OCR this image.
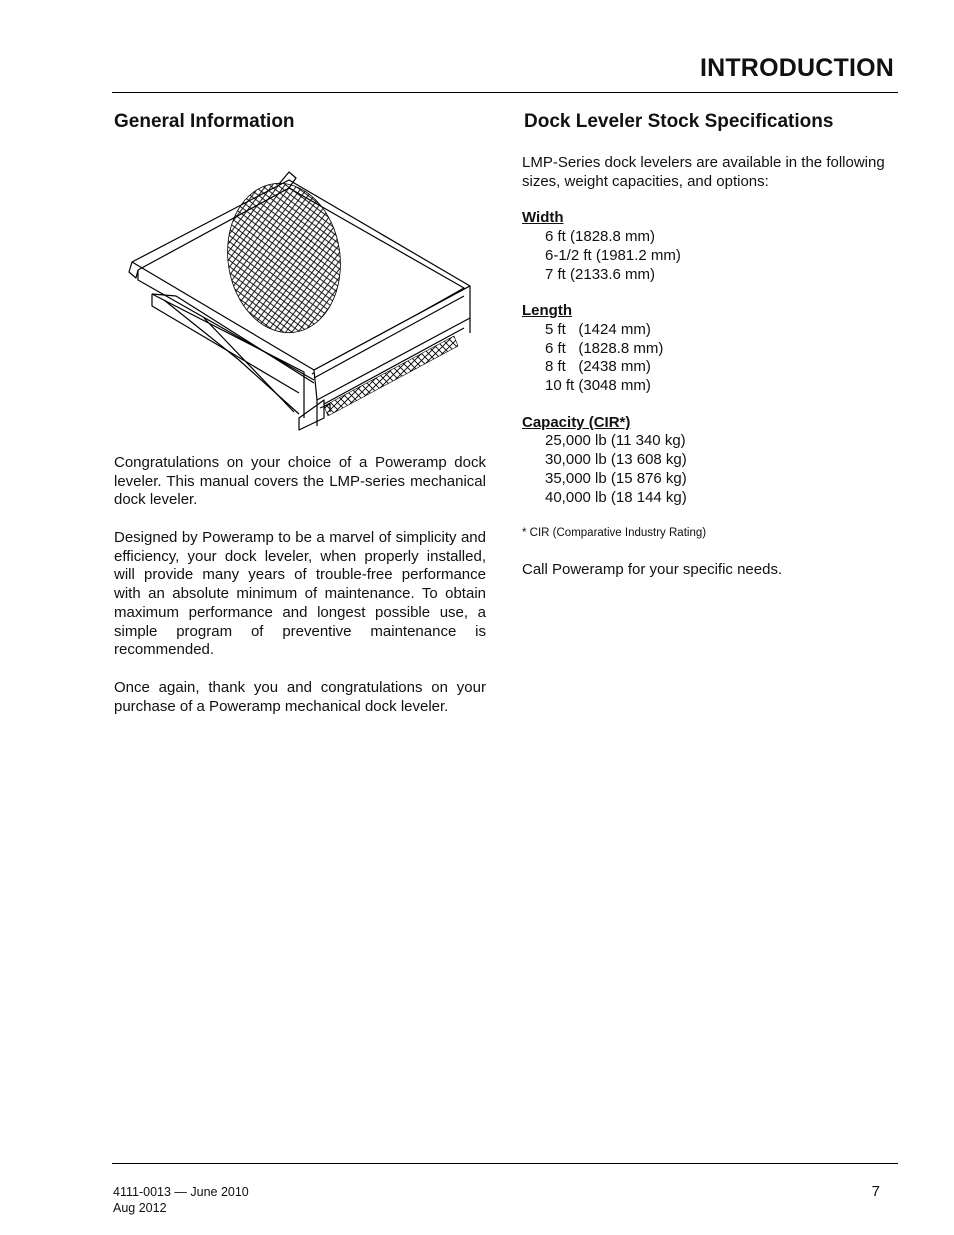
INTRODUCTION
General Information

Congratulations on your choice of a Poweramp dock leveler. This manual covers the LMP-series mechanical dock leveler.

Designed by Poweramp to be a marvel of simplicity and efficiency, your dock leveler, when properly installed, will provide many years of trouble-free performance with an absolute minimum of maintenance. To obtain maximum performance and longest possible use, a simple program of preventive maintenance is recommended.

Once again, thank you and congratulations on your purchase of a Poweramp mechanical dock leveler.

Dock Leveler Stock Specifications

LMP-Series dock levelers are available in the following sizes, weight capacities, and options:

Width
6 ft (1828.8 mm)
6-1/2 ft (1981.2 mm)
7 ft (2133.6 mm)
Length
5 ft   (1424 mm)
6 ft   (1828.8 mm)
8 ft   (2438 mm)
10 ft (3048 mm)
Capacity (CIR*)
25,000 lb (11 340 kg)
30,000 lb (13 608 kg)
35,000 lb (15 876 kg)
40,000 lb (18 144 kg)

* CIR (Comparative Industry Rating)

Call Poweramp for your specific needs.

4111-0013 — June 2010
Aug 2012
7
